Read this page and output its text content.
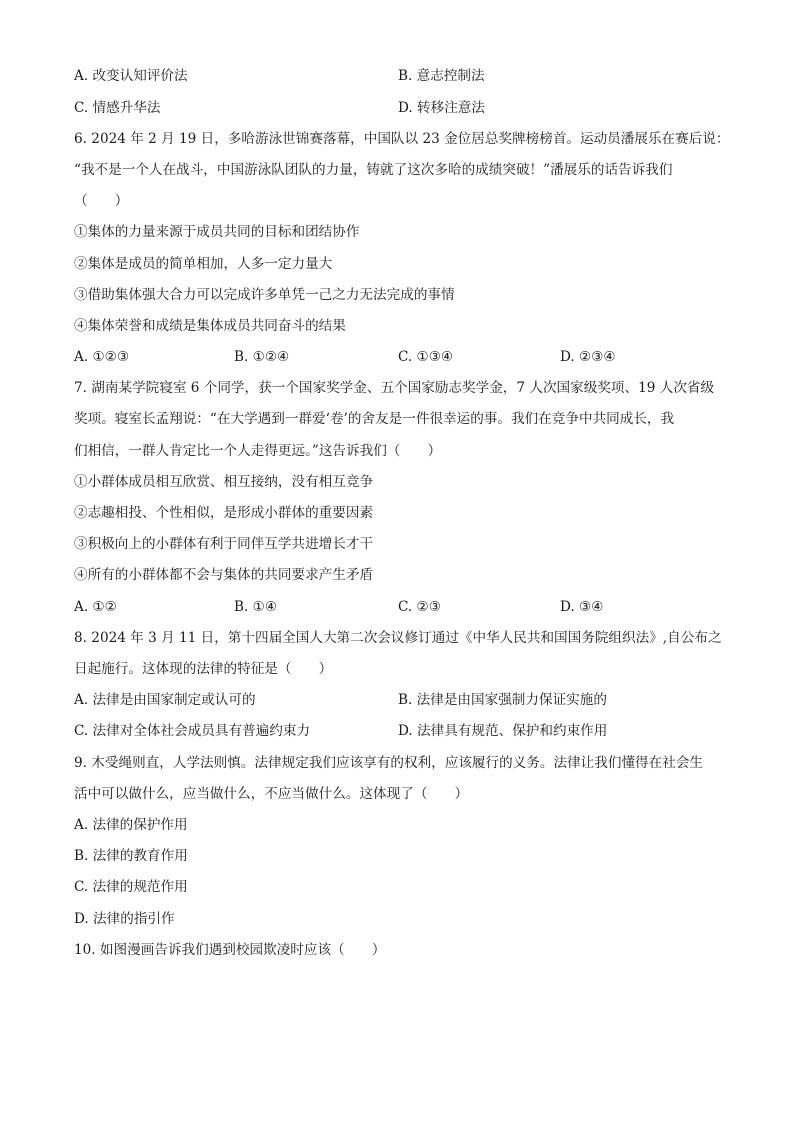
A. 改变认知评价法	B. 意志控制法
C. 情感升华法	D. 转移注意法
6. 2024 年 2 月 19 日，多哈游泳世锦赛落幕，中国队以 23 金位居总奖牌榜榜首。运动员潘展乐在赛后说：
“我不是一个人在战斗，中国游泳队团队的力量，铸就了这次多哈的成绩突破！”潘展乐的话告诉我们
（　　）
①集体的力量来源于成员共同的目标和团结协作
②集体是成员的简单相加，人多一定力量大
③借助集体强大合力可以完成许多单凭一己之力无法完成的事情
④集体荣誉和成绩是集体成员共同奋斗的结果
A. ①②③	B. ①②④	C. ①③④	D. ②③④
7. 湖南某学院寝室 6 个同学，获一个国家奖学金、五个国家励志奖学金，7 人次国家级奖项、19 人次省级
奖项。寝室长孟翔说：“在大学遇到一群爱‘卷’的舍友是一件很幸运的事。我们在竞争中共同成长，我
们相信，一群人肯定比一个人走得更远。”这告诉我们（　　）
①小群体成员相互欣赏、相互接纳，没有相互竞争
②志趣相投、个性相似，是形成小群体的重要因素
③积极向上的小群体有利于同伴互学共进增长才干
④所有的小群体都不会与集体的共同要求产生矛盾
A. ①②	B. ①④	C. ②③	D. ③④
8. 2024 年 3 月 11 日，第十四届全国人大第二次会议修订通过《中华人民共和国国务院组织法》,自公布之
日起施行。这体现的法律的特征是（　　）
A. 法律是由国家制定或认可的	B. 法律是由国家强制力保证实施的
C. 法律对全体社会成员具有普遍约束力	D. 法律具有规范、保护和约束作用
9. 木受绳则直，人学法则慎。法律规定我们应该享有的权利，应该履行的义务。法律让我们懂得在社会生
活中可以做什么，应当做什么，不应当做什么。这体现了（　　）
A. 法律的保护作用
B. 法律的教育作用
C. 法律的规范作用
D. 法律的指引作
10. 如图漫画告诉我们遇到校园欺凌时应该（　　）
